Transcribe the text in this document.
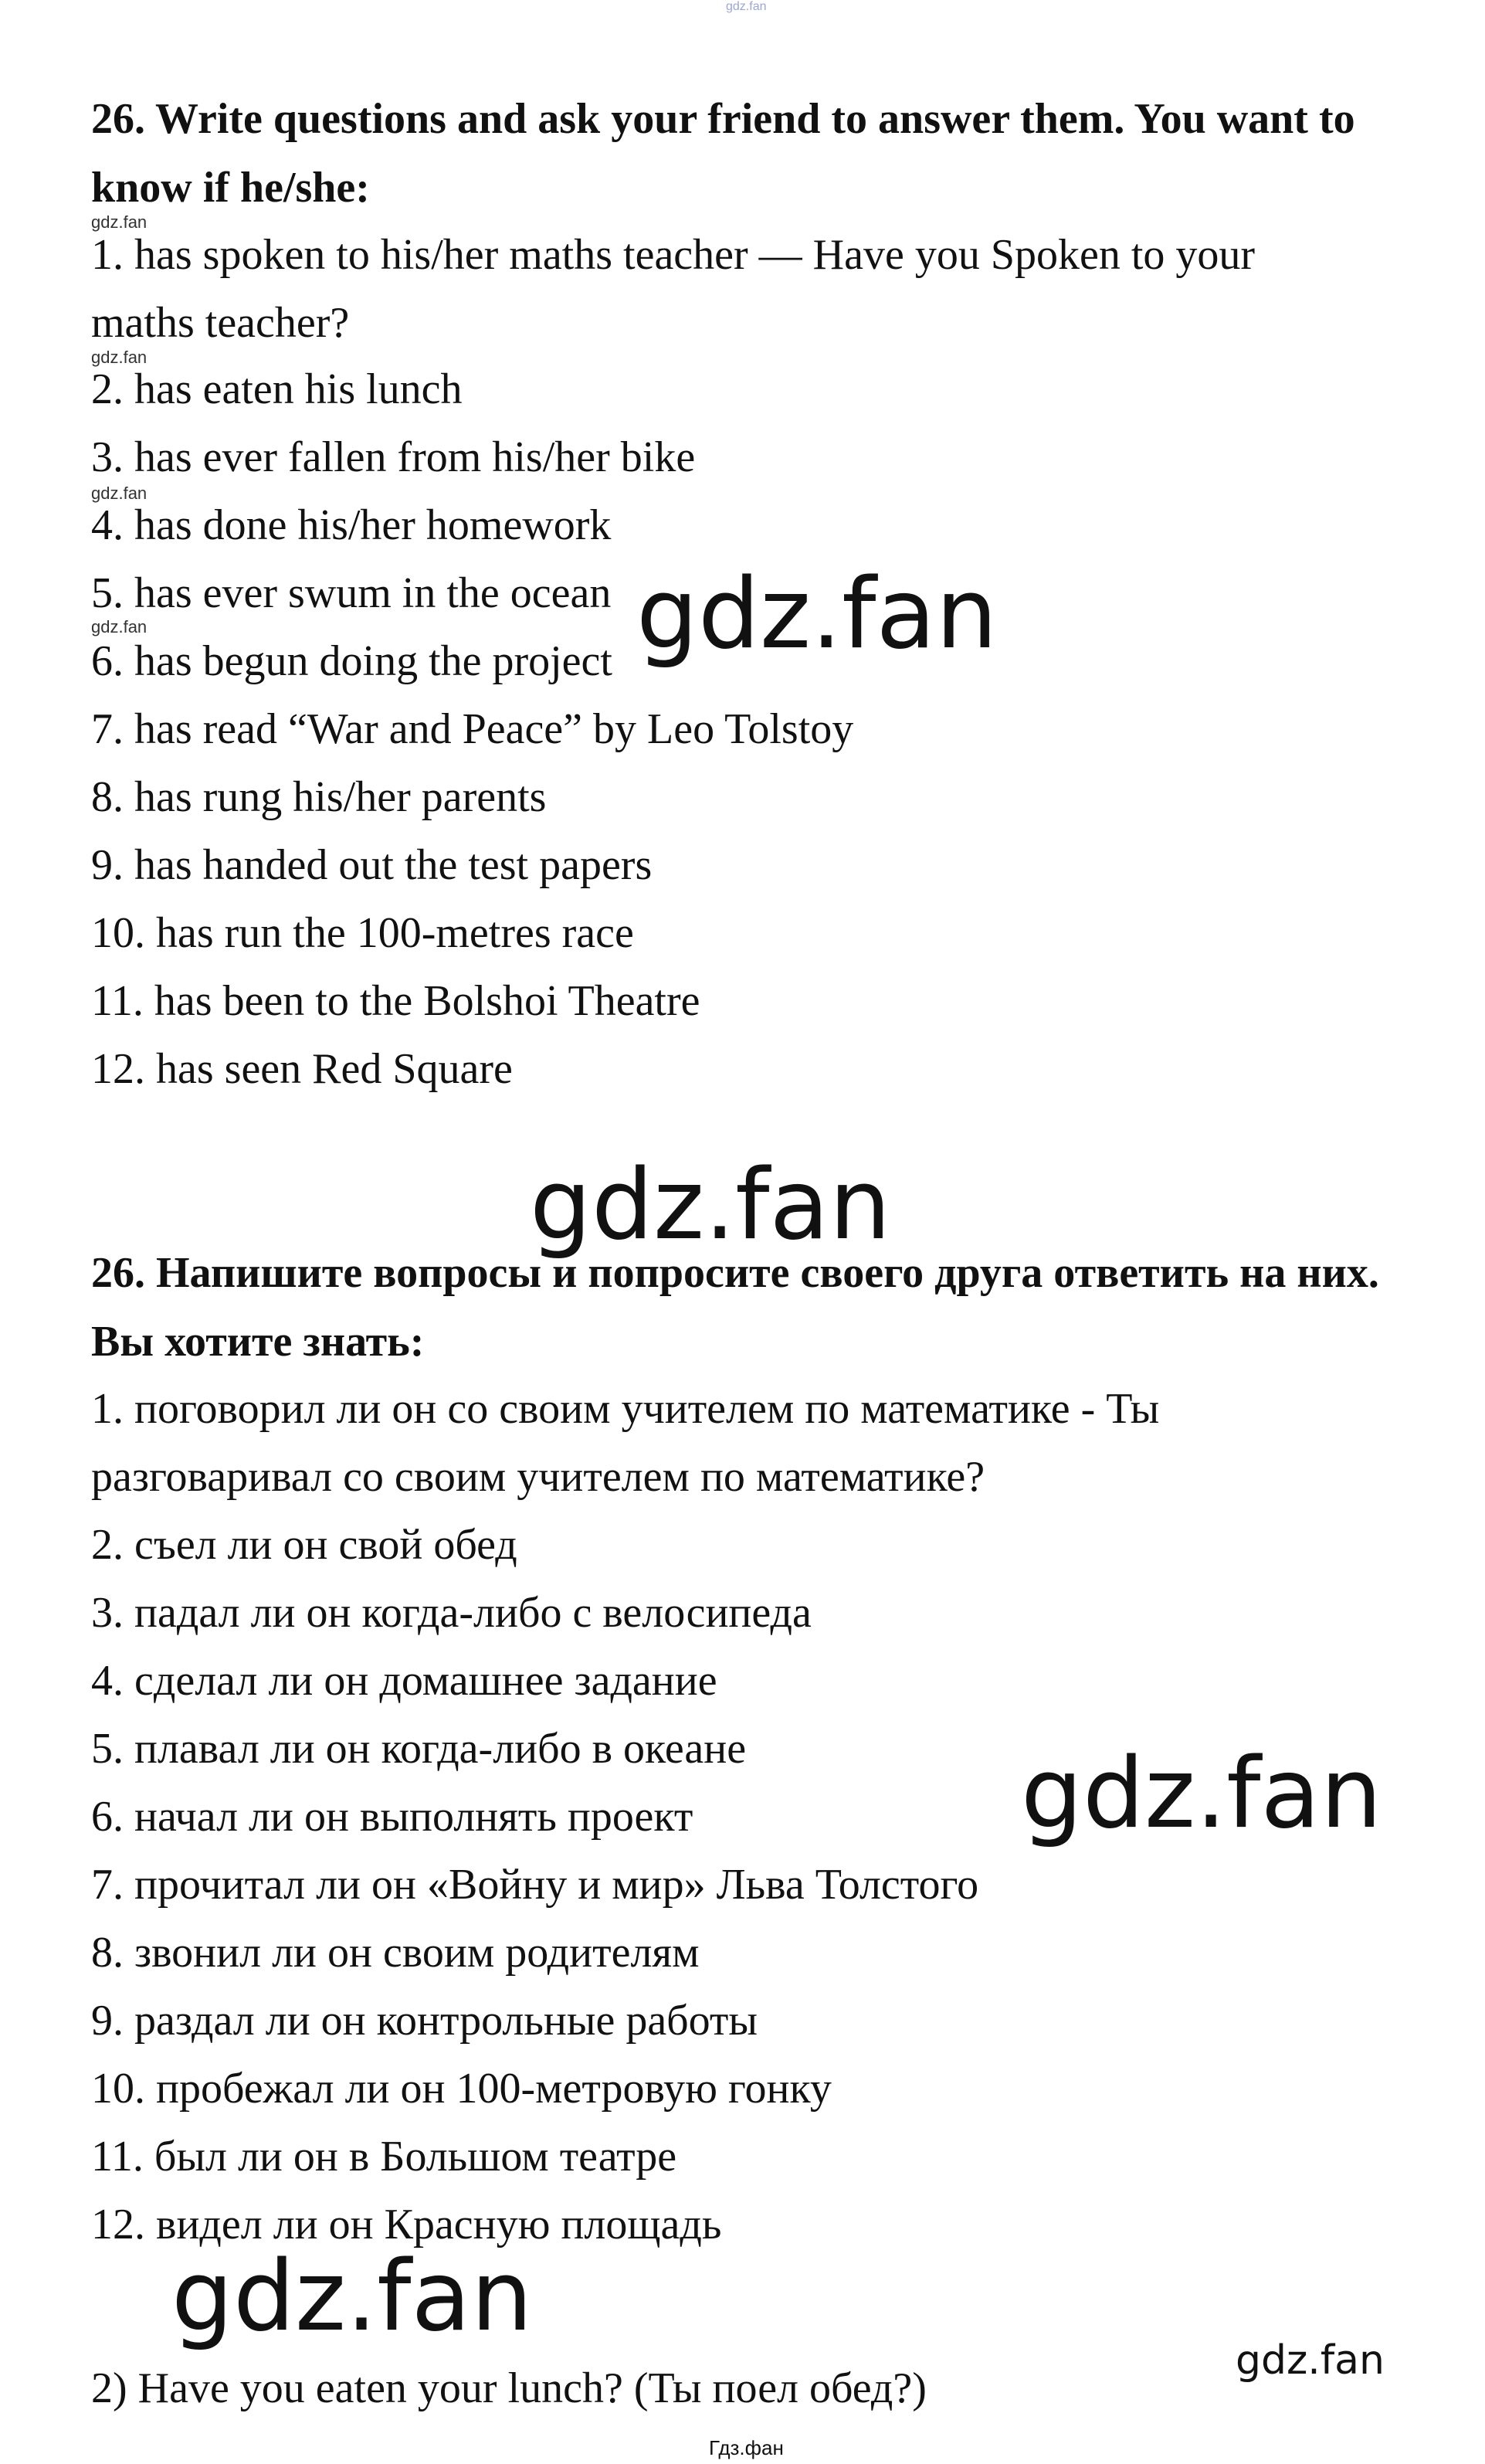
gdz.fan

26. Write questions and ask your friend to answer them. You want to know if he/she:

gdz.fan

1. has spoken to his/her maths teacher — Have you Spoken to your

maths teacher?

gdz.fan

2. has eaten his lunch

3. has ever fallen from his/her bike

gdz.fan

4. has done his/her homework

5. has ever swum in the ocean

gdz.fan

6. has begun doing the project

7. has read “War and Peace” by Leo Tolstoy

8. has rung his/her parents

9. has handed out the test papers

10. has run the 100-metres race

11. has been to the Bolshoi Theatre

12. has seen Red Square

gdz.fan
gdz.fan

26. Напишите вопросы и попросите своего друга ответить на них. Вы хотите знать:

1. поговорил ли он со своим учителем по математике - Ты

разговаривал со своим учителем по математике?

2. съел ли он свой обед

3. падал ли он когда-либо с велосипеда

4. сделал ли он домашнее задание

5. плавал ли он когда-либо в океане

6. начал ли он выполнять проект

7. прочитал ли он «Войну и мир» Льва Толстого

8. звонил ли он своим родителям

9. раздал ли он контрольные работы

10. пробежал ли он 100-метровую гонку

11. был ли он в Большом театре

12. видел ли он Красную площадь

gdz.fan
gdz.fan
gdz.fan

2) Have you eaten your lunch? (Ты поел обед?)

Гдз.фан
